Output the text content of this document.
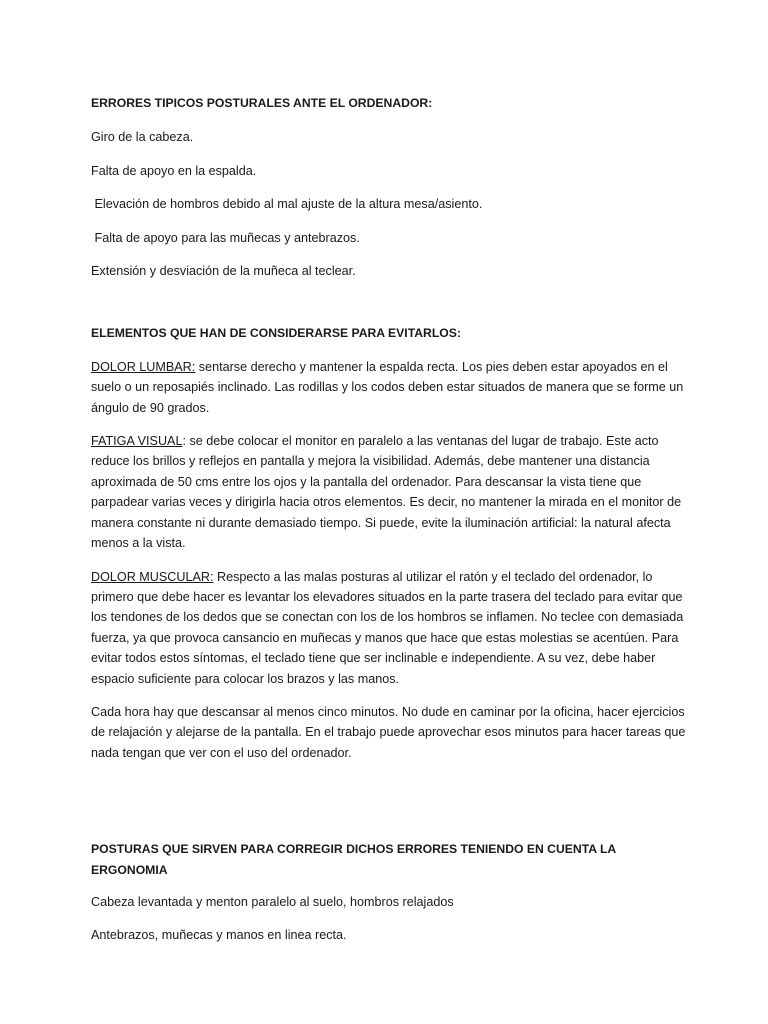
ERRORES TIPICOS POSTURALES ANTE EL ORDENADOR:

Giro de la cabeza.

Falta de apoyo en la espalda.

Elevación de hombros debido al mal ajuste de la altura mesa/asiento.

Falta de apoyo para las muñecas y antebrazos.

Extensión y desviación de la muñeca al teclear.

ELEMENTOS QUE HAN DE CONSIDERARSE PARA EVITARLOS:

DOLOR LUMBAR: sentarse derecho y mantener la espalda recta. Los pies deben estar apoyados en el suelo o un reposapiés inclinado. Las rodillas y los codos deben estar situados de manera que se forme un ángulo de 90 grados.

FATIGA VISUAL: se debe colocar el monitor en paralelo a las ventanas del lugar de trabajo. Este acto reduce los brillos y reflejos en pantalla y mejora la visibilidad. Además, debe mantener una distancia aproximada de 50 cms entre los ojos y la pantalla del ordenador. Para descansar la vista tiene que parpadear varias veces y dirigirla hacia otros elementos. Es decir, no mantener la mirada en el monitor de manera constante ni durante demasiado tiempo. Si puede, evite la iluminación artificial: la natural afecta menos a la vista.

DOLOR MUSCULAR: Respecto a las malas posturas al utilizar el ratón y el teclado del ordenador, lo primero que debe hacer es levantar los elevadores situados en la parte trasera del teclado para evitar que los tendones de los dedos que se conectan con los de los hombros se inflamen. No teclee con demasiada fuerza, ya que provoca cansancio en muñecas y manos que hace que estas molestias se acentúen. Para evitar todos estos síntomas, el teclado tiene que ser inclinable e independiente. A su vez, debe haber espacio suficiente para colocar los brazos y las manos.

Cada hora hay que descansar al menos cinco minutos. No dude en caminar por la oficina, hacer ejercicios de relajación y alejarse de la pantalla. En el trabajo puede aprovechar esos minutos para hacer tareas que nada tengan que ver con el uso del ordenador.

POSTURAS QUE SIRVEN PARA CORREGIR DICHOS ERRORES TENIENDO EN CUENTA LA ERGONOMIA

Cabeza levantada y menton paralelo al suelo, hombros relajados

Antebrazos, muñecas y manos en linea recta.
